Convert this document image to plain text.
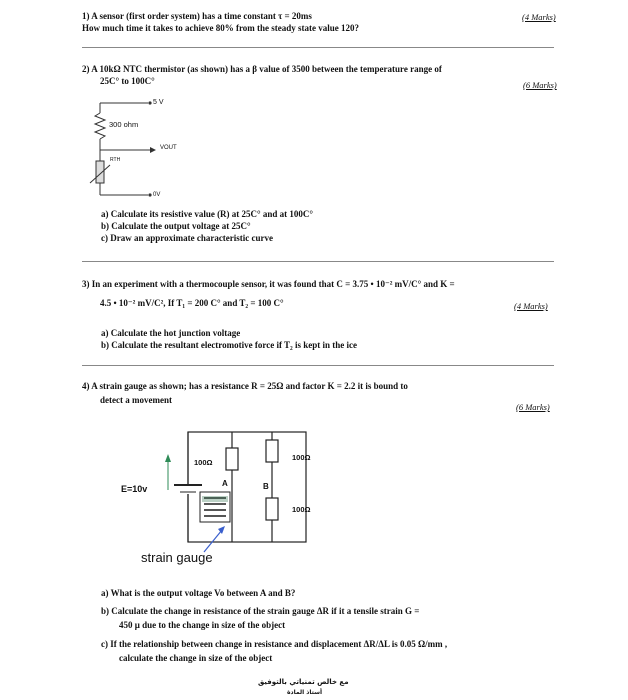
1) A sensor (first order system) has a time constant τ = 20ms	(4 Marks)
How much time it takes to achieve 80% from the steady state value 120?
2) A 10kΩ NTC thermistor (as shown) has a β value of 3500 between the temperature range of
25C° to 100C°	(6 Marks)
5 V
300 ohm
VOUT
RTH
0V
a) Calculate its resistive value (R) at 25C° and at 100C°
b) Calculate the output voltage at 25C°
c) Draw an approximate characteristic curve
3) In an experiment with a thermocouple sensor, it was found that C = 3.75 • 10⁻² mV/C° and K =
4.5 • 10⁻² mV/C², If T₁ = 200 C° and T₂ = 100 C°	(4 Marks)
a) Calculate the hot junction voltage
b) Calculate the resultant electromotive force if T₂ is kept in the ice
4) A strain gauge as shown; has a resistance R = 25Ω and factor K = 2.2 it is bound to
detect a movement
(6 Marks)
100Ω
100Ω
100Ω
A	B
E=10v
strain gauge
a) What is the output voltage Vo between A and B?
b) Calculate the change in resistance of the strain gauge ΔR if it a tensile strain G =
450 μ due to the change in size of the object
c) If the relationship between change in resistance and displacement ΔR/ΔL is 0.05 Ω/mm ,
calculate the change in size of the object
مع خالص تمنياتي بالتوفيق
أستاذ المادة
